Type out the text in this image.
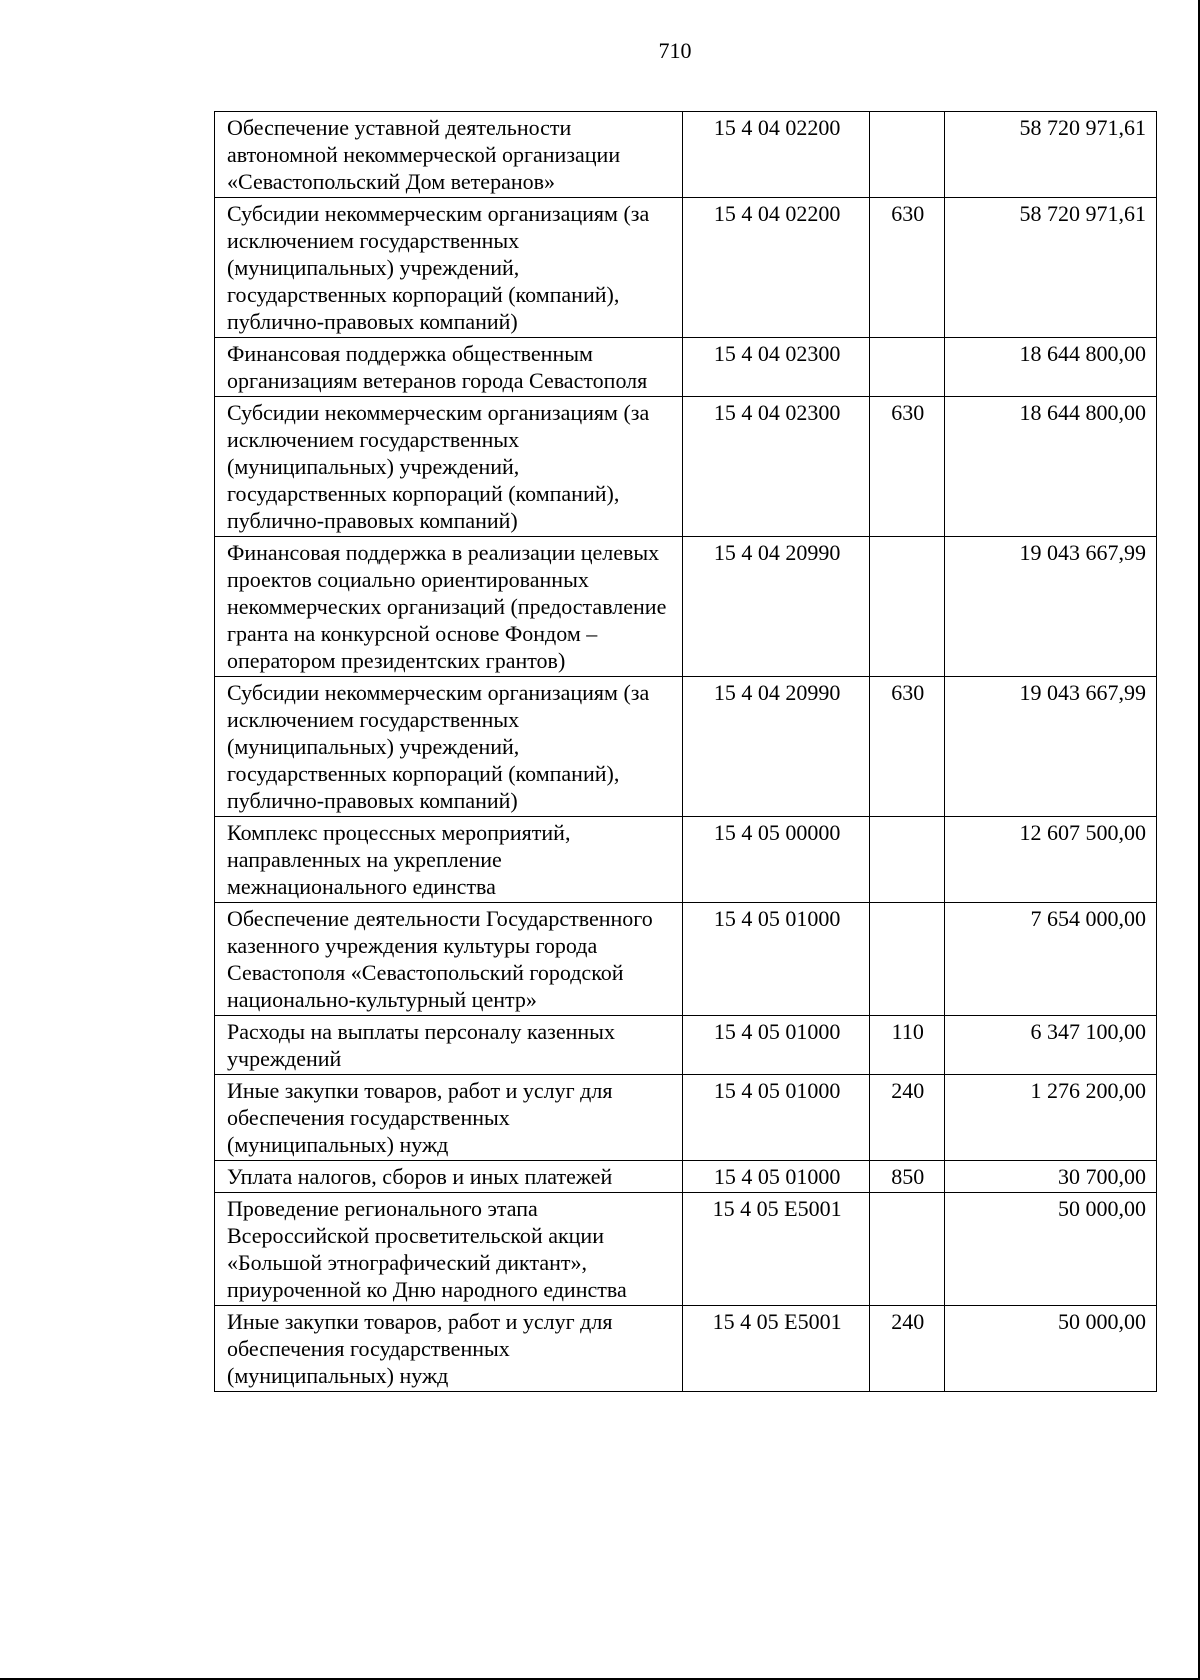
710
Обеспечение уставной деятельности автономной некоммерческой организации «Севастопольский Дом ветеранов»	15 4 04 02200		58 720 971,61
Субсидии некоммерческим организациям (за исключением государственных (муниципальных) учреждений, государственных корпораций (компаний), публично-правовых компаний)	15 4 04 02200	630	58 720 971,61
Финансовая поддержка общественным организациям ветеранов города Севастополя	15 4 04 02300		18 644 800,00
Субсидии некоммерческим организациям (за исключением государственных (муниципальных) учреждений, государственных корпораций (компаний), публично-правовых компаний)	15 4 04 02300	630	18 644 800,00
Финансовая поддержка в реализации целевых проектов социально ориентированных некоммерческих организаций (предоставление гранта на конкурсной основе Фондом – оператором президентских грантов)	15 4 04 20990		19 043 667,99
Субсидии некоммерческим организациям (за исключением государственных (муниципальных) учреждений, государственных корпораций (компаний), публично-правовых компаний)	15 4 04 20990	630	19 043 667,99
Комплекс процессных мероприятий, направленных на укрепление межнационального единства	15 4 05 00000		12 607 500,00
Обеспечение деятельности Государственного казенного учреждения культуры города Севастополя «Севастопольский городской национально-культурный центр»	15 4 05 01000		7 654 000,00
Расходы на выплаты персоналу казенных учреждений	15 4 05 01000	110	6 347 100,00
Иные закупки товаров, работ и услуг для обеспечения государственных (муниципальных) нужд	15 4 05 01000	240	1 276 200,00
Уплата налогов, сборов и иных платежей	15 4 05 01000	850	30 700,00
Проведение регионального этапа Всероссийской просветительской акции «Большой этнографический диктант», приуроченной ко Дню народного единства	15 4 05 E5001		50 000,00
Иные закупки товаров, работ и услуг для обеспечения государственных (муниципальных) нужд	15 4 05 E5001	240	50 000,00
